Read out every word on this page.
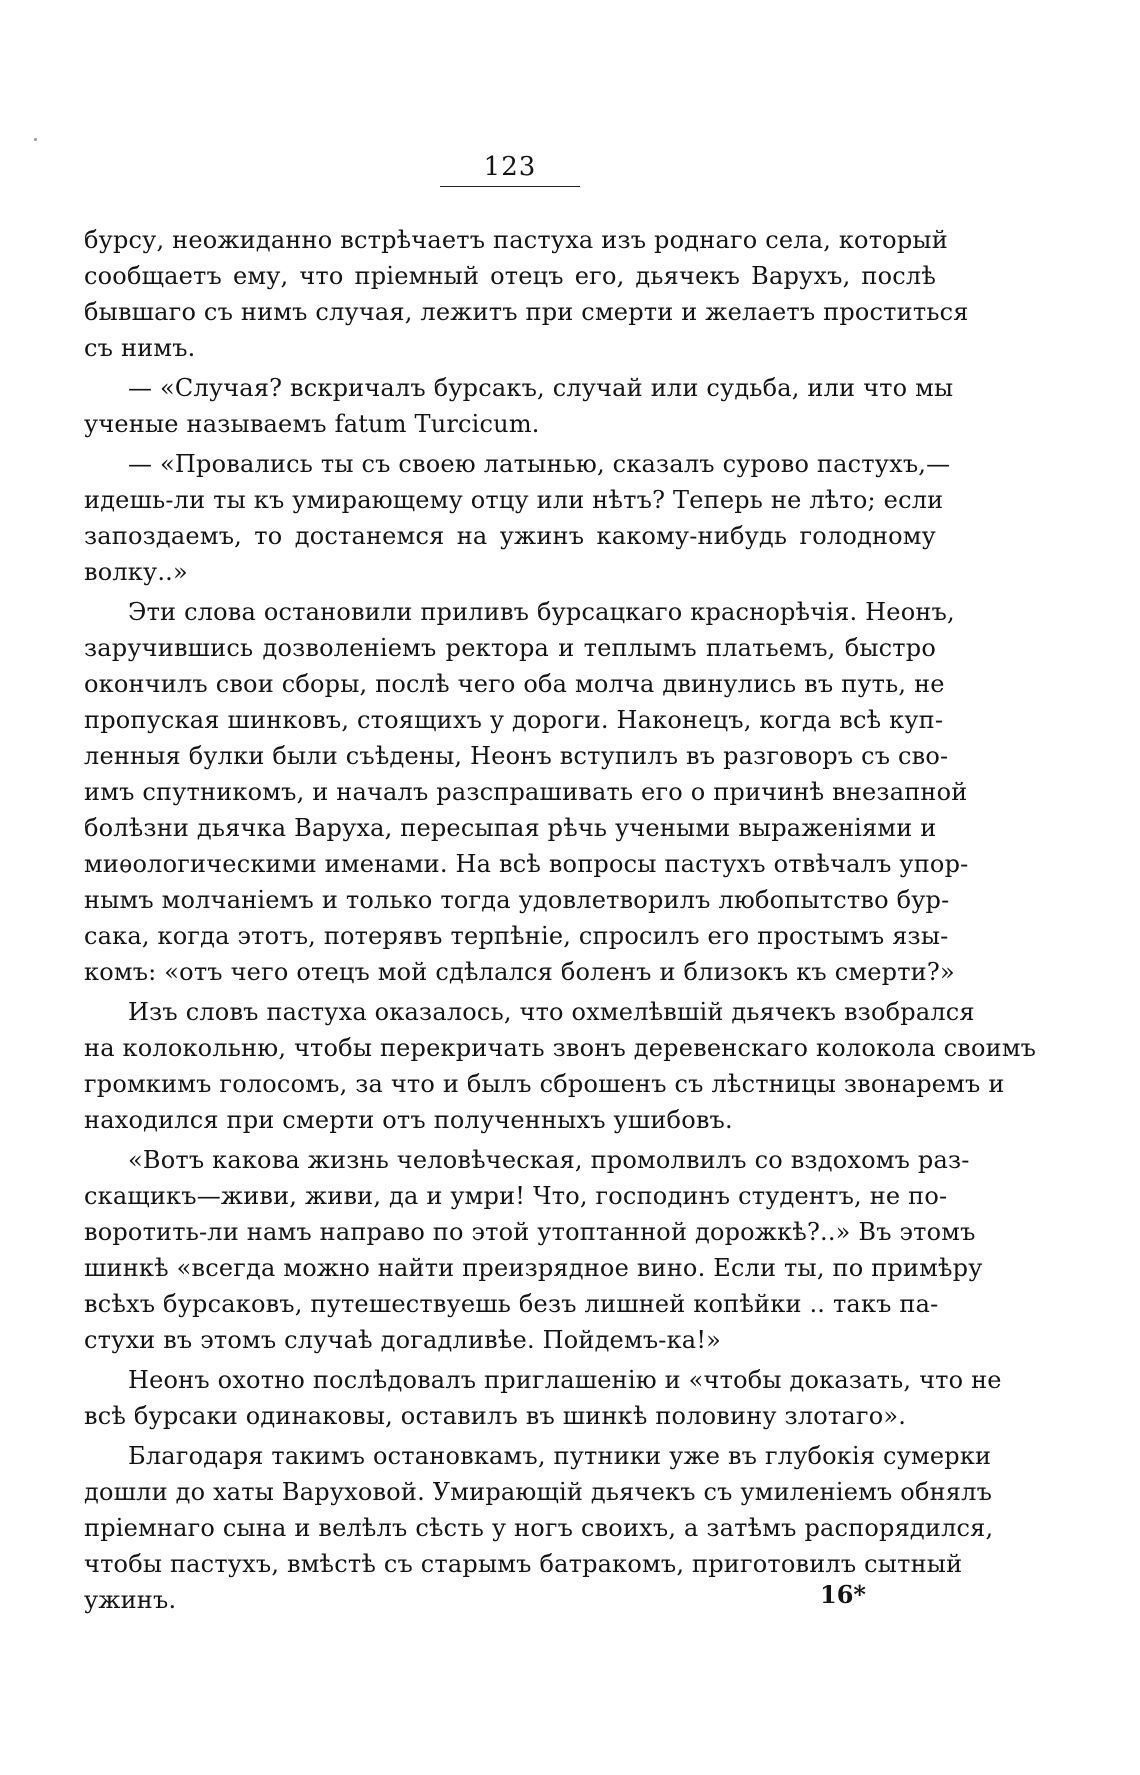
123
бурсу, неожиданно встрѣчаетъ пастуха изъ роднаго села, который
сообщаетъ ему, что пріемный отецъ его, дьячекъ Варухъ, послѣ
бывшаго съ нимъ случая, лежитъ при смерти и желаетъ проститься
съ нимъ.
— «Случая? вскричалъ бурсакъ, случай или судьба, или что мы
ученые называемъ fatum Turcicum.
— «Провались ты съ своею латынью, сказалъ сурово пастухъ,—
идешь-ли ты къ умирающему отцу или нѣтъ? Теперь не лѣто; если
запоздаемъ, то достанемся на ужинъ какому-нибудь голодному
волку..»
Эти слова остановили приливъ бурсацкаго краснорѣчія. Неонъ,
заручившись дозволеніемъ ректора и теплымъ платьемъ, быстро
окончилъ свои сборы, послѣ чего оба молча двинулись въ путь, не
пропуская шинковъ, стоящихъ у дороги. Наконецъ, когда всѣ куп-
ленныя булки были съѣдены, Неонъ вступилъ въ разговоръ съ сво-
имъ спутникомъ, и началъ разспрашивать его о причинѣ внезапной
болѣзни дьячка Варуха, пересыпая рѣчь учеными выраженіями и
миѳологическими именами. На всѣ вопросы пастухъ отвѣчалъ упор-
нымъ молчаніемъ и только тогда удовлетворилъ любопытство бур-
сака, когда этотъ, потерявъ терпѣніе, спросилъ его простымъ язы-
комъ: «отъ чего отецъ мой сдѣлался боленъ и близокъ къ смерти?»
Изъ словъ пастуха оказалось, что охмелѣвшій дьячекъ взобрался
на колокольню, чтобы перекричать звонъ деревенскаго колокола своимъ
громкимъ голосомъ, за что и былъ сброшенъ съ лѣстницы звонаремъ и
находился при смерти отъ полученныхъ ушибовъ.
«Вотъ какова жизнь человѣческая, промолвилъ со вздохомъ раз-
скащикъ—живи, живи, да и умри! Что, господинъ студентъ, не по-
воротить-ли намъ направо по этой утоптанной дорожкѣ?..» Въ этомъ
шинкѣ «всегда можно найти преизрядное вино. Если ты, по примѣру
всѣхъ бурсаковъ, путешествуешь безъ лишней копѣйки .. такъ па-
стухи въ этомъ случаѣ догадливѣе. Пойдемъ-ка!»
Неонъ охотно послѣдовалъ приглашенію и «чтобы доказать, что не
всѣ бурсаки одинаковы, оставилъ въ шинкѣ половину злотаго».
Благодаря такимъ остановкамъ, путники уже въ глубокія сумерки
дошли до хаты Варуховой. Умирающій дьячекъ съ умиленіемъ обнялъ
пріемнаго сына и велѣлъ сѣсть у ногъ своихъ, а затѣмъ распорядился,
чтобы пастухъ, вмѣстѣ съ старымъ батракомъ, приготовилъ сытный
ужинъ.	16*
